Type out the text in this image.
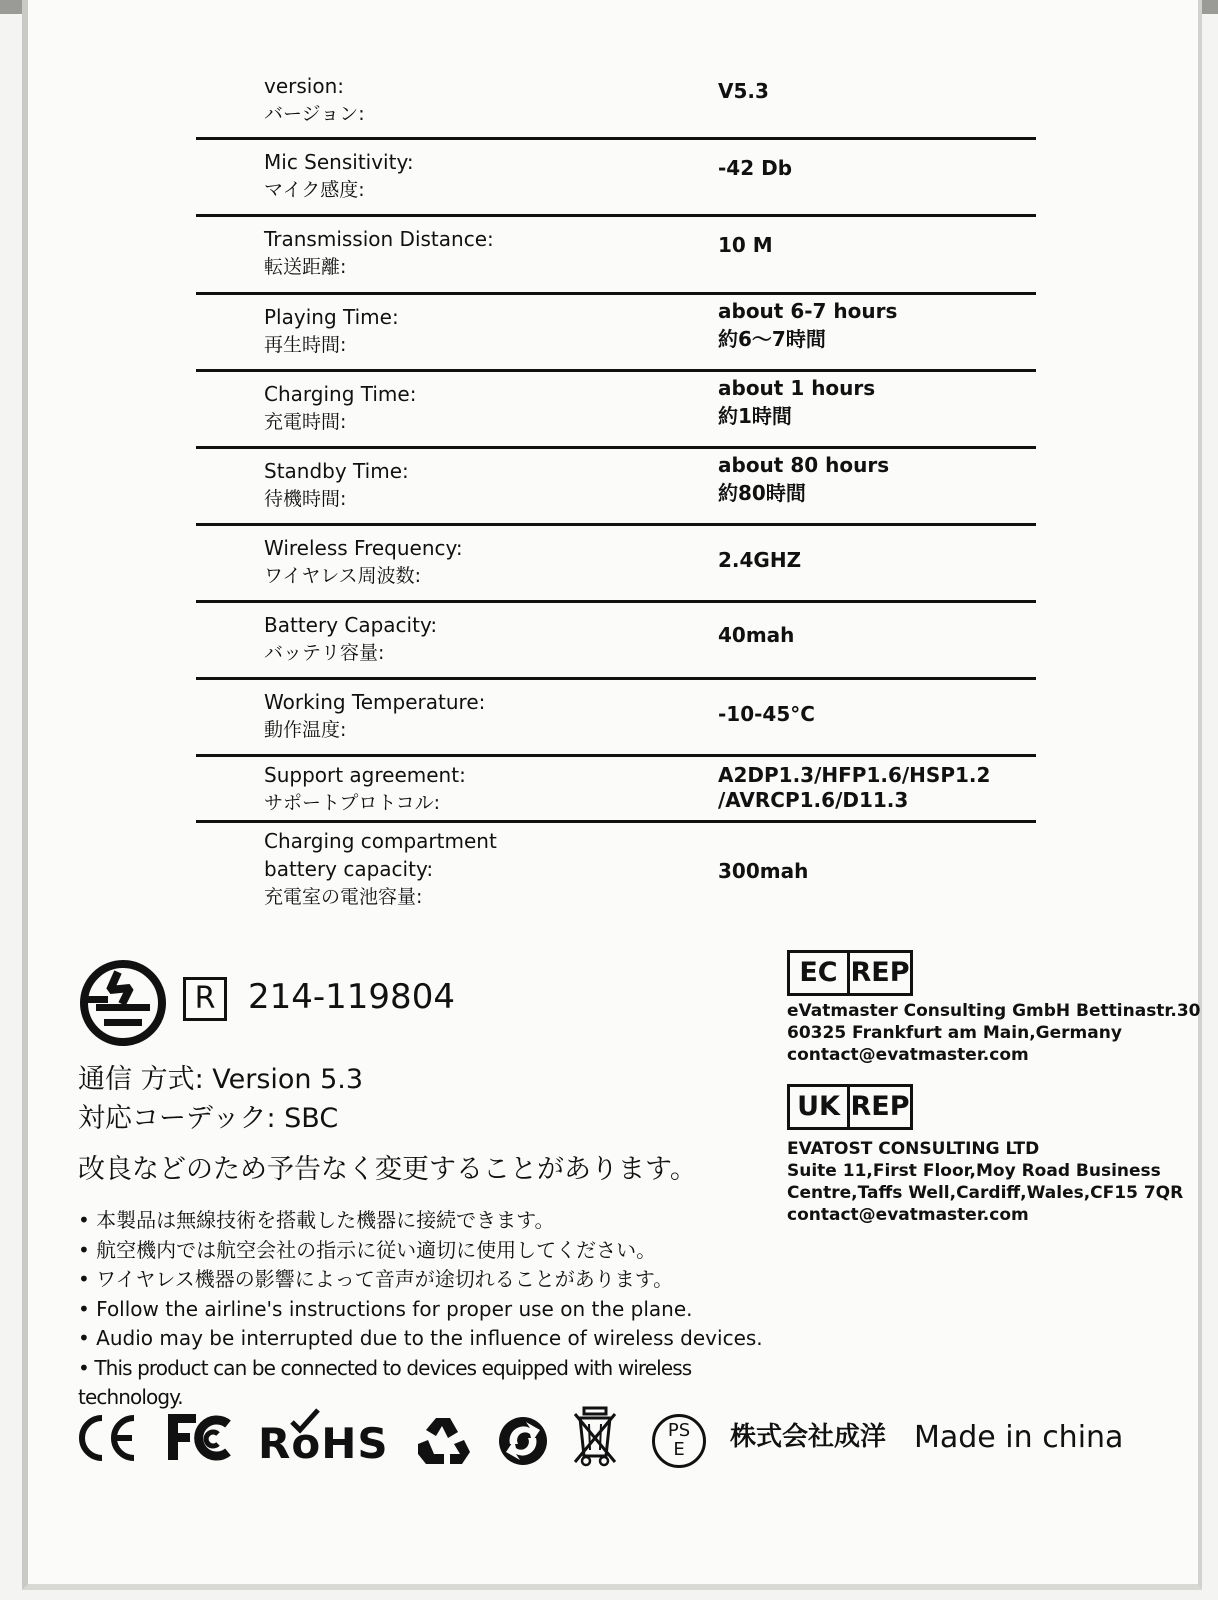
version:
バージョン:
V5.3
Mic Sensitivity:
マイク感度:
-42 Db
Transmission Distance:
転送距離:
10 M
Playing Time:
再生時間:
about 6-7 hours
約6〜7時間
Charging Time:
充電時間:
about 1 hours
約1時間
Standby Time:
待機時間:
about 80 hours
約80時間
Wireless Frequency:
ワイヤレス周波数:
2.4GHZ
Battery Capacity:
バッテリ容量:
40mah
Working Temperature:
動作温度:
-10-45°C
Support agreement:
サポートプロトコル:
A2DP1.3/HFP1.6/HSP1.2
/AVRCP1.6/D11.3
Charging compartment
battery capacity:
充電室の電池容量:
300mah
R 214-119804
通信 方式: Version 5.3
対応コーデック: SBC
改良などのため予告なく変更することがあります。
• 本製品は無線技術を搭載した機器に接続できます。
• 航空機内では航空会社の指示に従い適切に使用してください。
• ワイヤレス機器の影響によって音声が途切れることがあります。
• Follow the airline's instructions for proper use on the plane.
• Audio may be interrupted due to the influence of wireless devices.
• This product can be connected to devices equipped with wireless technology.
EC REP
eVatmaster Consulting GmbH Bettinastr.30
60325 Frankfurt am Main,Germany
contact@evatmaster.com
UK REP
EVATOST CONSULTING LTD
Suite 11,First Floor,Moy Road Business
Centre,Taffs Well,Cardiff,Wales,CF15 7QR
contact@evatmaster.com
RoHS	PS
E	株式会社成洋 Made in china
